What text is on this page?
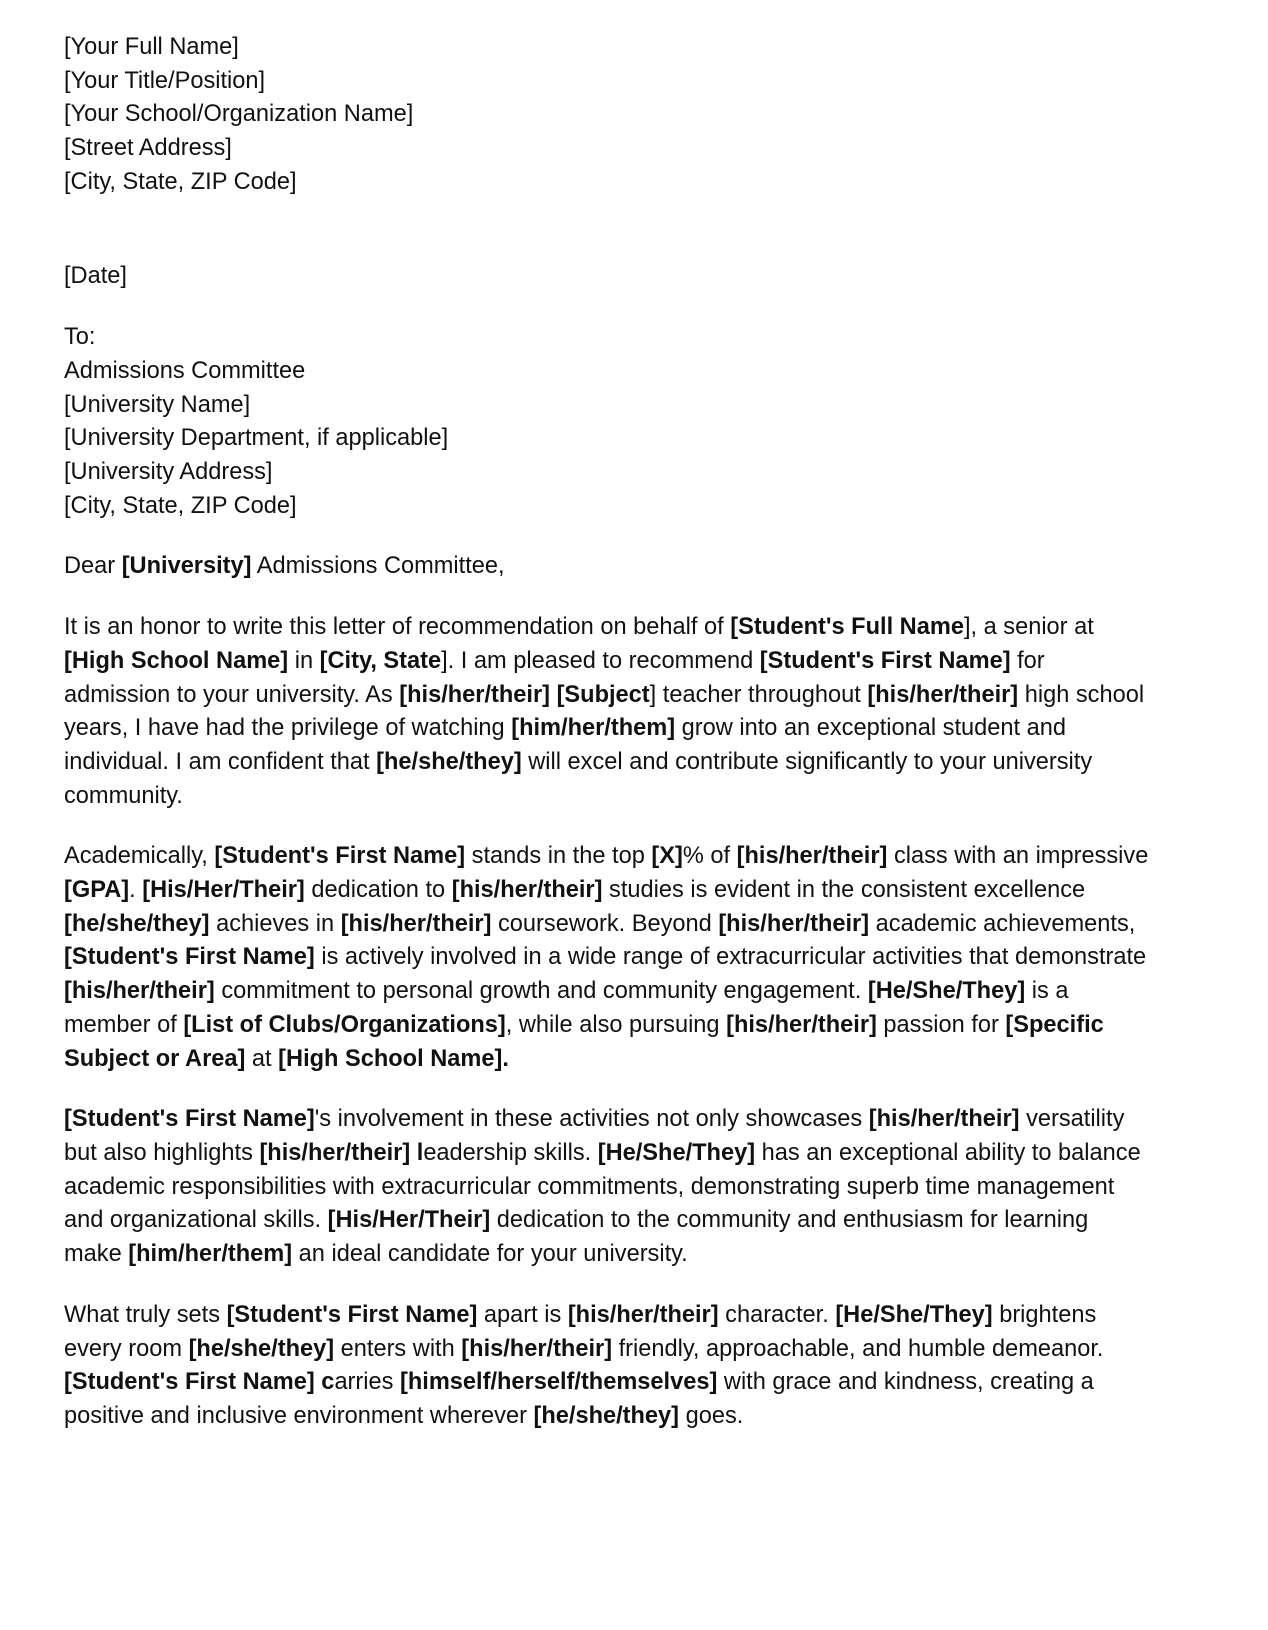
[Your Full Name]
[Your Title/Position]
[Your School/Organization Name]
[Street Address]
[City, State, ZIP Code]
[Date]
To:
Admissions Committee
[University Name]
[University Department, if applicable]
[University Address]
[City, State, ZIP Code]

Dear [University] Admissions Committee,

It is an honor to write this letter of recommendation on behalf of [Student's Full Name], a senior at [High School Name] in [City, State]. I am pleased to recommend [Student's First Name] for admission to your university. As [his/her/their] [Subject] teacher throughout [his/her/their] high school years, I have had the privilege of watching [him/her/them] grow into an exceptional student and individual. I am confident that [he/she/they] will excel and contribute significantly to your university community.

Academically, [Student's First Name] stands in the top [X]% of [his/her/their] class with an impressive [GPA]. [His/Her/Their] dedication to [his/her/their] studies is evident in the consistent excellence [he/she/they] achieves in [his/her/their] coursework. Beyond [his/her/their] academic achievements, [Student's First Name] is actively involved in a wide range of extracurricular activities that demonstrate [his/her/their] commitment to personal growth and community engagement. [He/She/They] is a member of [List of Clubs/Organizations], while also pursuing [his/her/their] passion for [Specific Subject or Area] at [High School Name].

[Student's First Name]'s involvement in these activities not only showcases [his/her/their] versatility but also highlights [his/her/their] leadership skills. [He/She/They] has an exceptional ability to balance academic responsibilities with extracurricular commitments, demonstrating superb time management and organizational skills. [His/Her/Their] dedication to the community and enthusiasm for learning make [him/her/them] an ideal candidate for your university.

What truly sets [Student's First Name] apart is [his/her/their] character. [He/She/They] brightens every room [he/she/they] enters with [his/her/their] friendly, approachable, and humble demeanor. [Student's First Name] carries [himself/herself/themselves] with grace and kindness, creating a positive and inclusive environment wherever [he/she/they] goes.
